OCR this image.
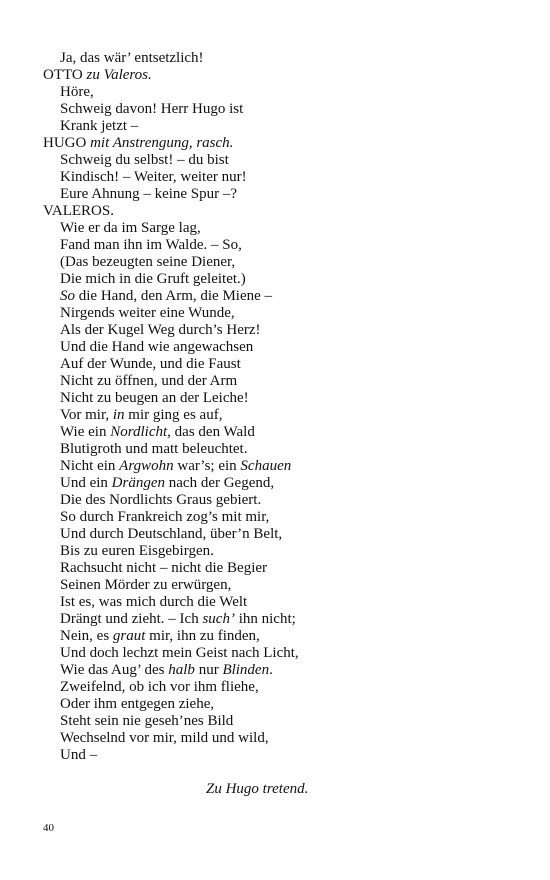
Ja, das wär’ entsetzlich!
OTTO zu Valeros.
Höre,
Schweig davon! Herr Hugo ist
Krank jetzt –
HUGO mit Anstrengung, rasch.
Schweig du selbst! – du bist
Kindisch! – Weiter, weiter nur!
Eure Ahnung – keine Spur –?
VALEROS.
Wie er da im Sarge lag,
Fand man ihn im Walde. – So,
(Das bezeugten seine Diener,
Die mich in die Gruft geleitet.)
So die Hand, den Arm, die Miene –
Nirgends weiter eine Wunde,
Als der Kugel Weg durch’s Herz!
Und die Hand wie angewachsen
Auf der Wunde, und die Faust
Nicht zu öffnen, und der Arm
Nicht zu beugen an der Leiche!
Vor mir, in mir ging es auf,
Wie ein Nordlicht, das den Wald
Blutigroth und matt beleuchtet.
Nicht ein Argwohn war’s; ein Schauen
Und ein Drängen nach der Gegend,
Die des Nordlichts Graus gebiert.
So durch Frankreich zog’s mit mir,
Und durch Deutschland, über’n Belt,
Bis zu euren Eisgebirgen.
Rachsucht nicht – nicht die Begier
Seinen Mörder zu erwürgen,
Ist es, was mich durch die Welt
Drängt und zieht. – Ich such’ ihn nicht;
Nein, es graut mir, ihn zu finden,
Und doch lechzt mein Geist nach Licht,
Wie das Aug’ des halb nur Blinden.
Zweifelnd, ob ich vor ihm fliehe,
Oder ihm entgegen ziehe,
Steht sein nie geseh’nes Bild
Wechselnd vor mir, mild und wild,
Und –
Zu Hugo tretend.
40
